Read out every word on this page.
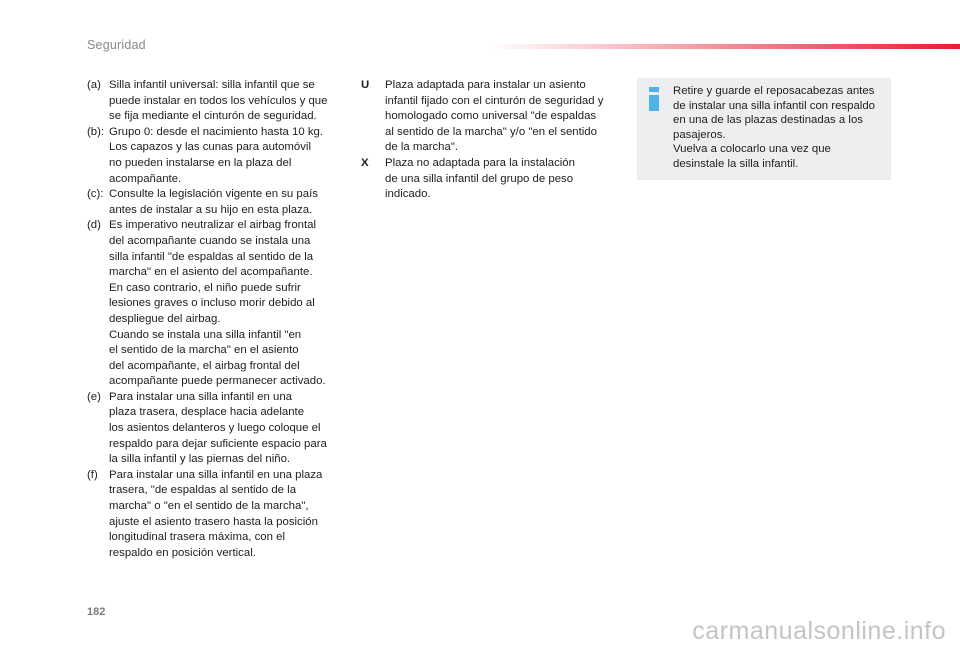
Seguridad
(a) Silla infantil universal: silla infantil que se
puede instalar en todos los vehículos y que
se fija mediante el cinturón de seguridad.
(b): Grupo 0: desde el nacimiento hasta 10 kg.
Los capazos y las cunas para automóvil
no pueden instalarse en la plaza del
acompañante.
(c): Consulte la legislación vigente en su país
antes de instalar a su hijo en esta plaza.
(d) Es imperativo neutralizar el airbag frontal
del acompañante cuando se instala una
silla infantil "de espaldas al sentido de la
marcha" en el asiento del acompañante.
En caso contrario, el niño puede sufrir
lesiones graves o incluso morir debido al
despliegue del airbag.
Cuando se instala una silla infantil "en
el sentido de la marcha" en el asiento
del acompañante, el airbag frontal del
acompañante puede permanecer activado.
(e) Para instalar una silla infantil en una
plaza trasera, desplace hacia adelante
los asientos delanteros y luego coloque el
respaldo para dejar suficiente espacio para
la silla infantil y las piernas del niño.
(f) Para instalar una silla infantil en una plaza
trasera, "de espaldas al sentido de la
marcha" o "en el sentido de la marcha",
ajuste el asiento trasero hasta la posición
longitudinal trasera máxima, con el
respaldo en posición vertical.
U	Plaza adaptada para instalar un asiento
infantil fijado con el cinturón de seguridad y
homologado como universal "de espaldas
al sentido de la marcha" y/o "en el sentido
de la marcha".
X	Plaza no adaptada para la instalación
de una silla infantil del grupo de peso
indicado.
Retire y guarde el reposacabezas antes
de instalar una silla infantil con respaldo
en una de las plazas destinadas a los
pasajeros.
Vuelva a colocarlo una vez que
desinstale la silla infantil.
182
carmanualsonline.info
